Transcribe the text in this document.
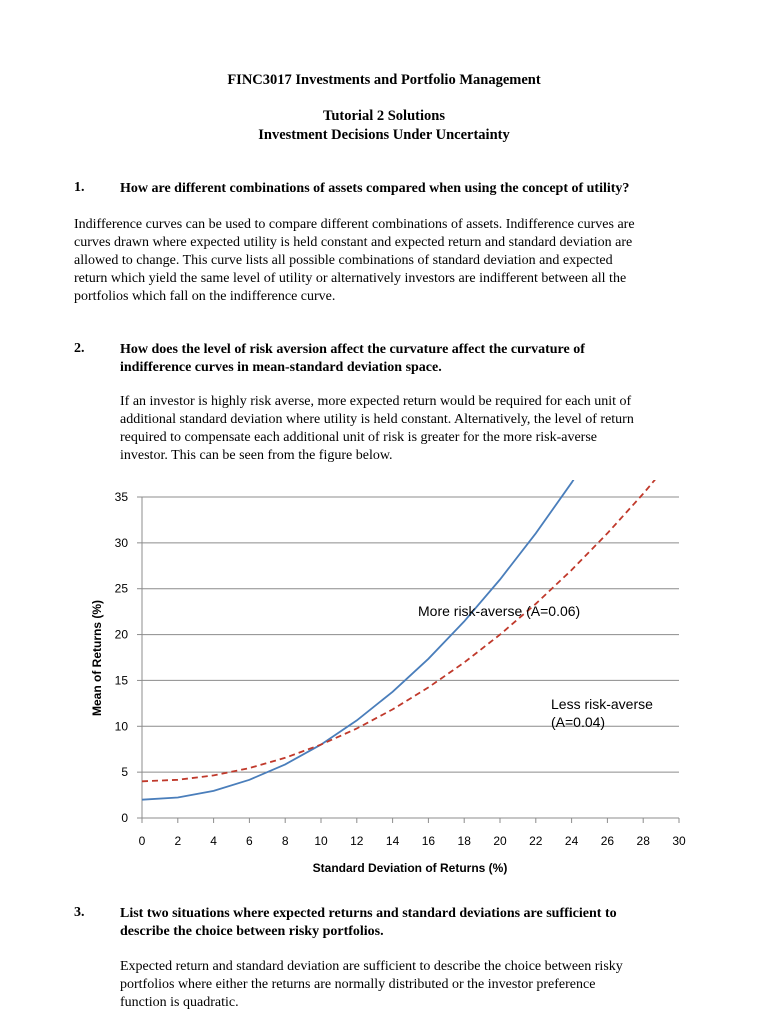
FINC3017 Investments and Portfolio Management
Tutorial 2 Solutions
Investment Decisions Under Uncertainty
1.	How are different combinations of assets compared when using the concept of utility?
Indifference curves can be used to compare different combinations of assets. Indifference curves are
curves drawn where expected utility is held constant and expected return and standard deviation are
allowed to change. This curve lists all possible combinations of standard deviation and expected
return which yield the same level of utility or alternatively investors are indifferent between all the
portfolios which fall on the indifference curve.
2.	How does the level of risk aversion affect the curvature affect the curvature of
indifference curves in mean-standard deviation space.
If an investor is highly risk averse, more expected return would be required for each unit of
additional standard deviation where utility is held constant. Alternatively, the level of return
required to compensate each additional unit of risk is greater for the more risk-averse
investor. This can be seen from the figure below.
0
5
10
15
20
25
30
35
0 2 4 6 8 10 12 14 16 18 20 22 24 26 28 30
Mean of Returns (%)
Standard Deviation of Returns (%)
More risk-averse (A=0.06)
Less risk-averse
(A=0.04)
3.	List two situations where expected returns and standard deviations are sufficient to
describe the choice between risky portfolios.
Expected return and standard deviation are sufficient to describe the choice between risky
portfolios where either the returns are normally distributed or the investor preference
function is quadratic.
